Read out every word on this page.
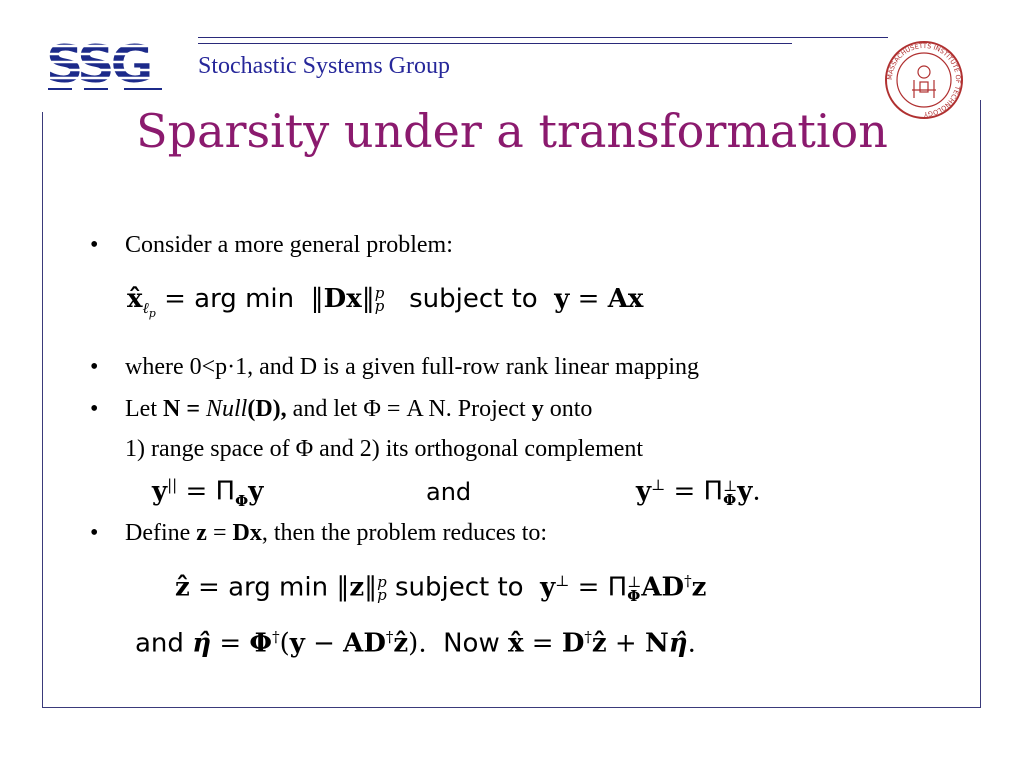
SSG Stochastic Systems Group	MASSACHUSETTS INSTITUTE OF TECHNOLOGY
Sparsity under a transformation
• Consider a more general problem:
$x̂_{\ell_p}$ = arg min  ‖Dx‖p
p subject to y = Ax
• where 0<p·1, and D is a given full-row rank linear mapping
• Let N = Null(D), and let Φ = A N. Project y onto
1) range space of Φ and 2) its orthogonal complement
$y^{||} = \Pi_\Phi y$	and	y⊥ = Π⊥
Φy.
• Define z = Dx, then the problem reduces to:
ẑ = arg min ‖z‖p
p subject to y⊥ = Π⊥
ΦAD†z
and η̂ = Φ†(y − AD†ẑ).  Now x̂ = D†ẑ + Nη̂.
